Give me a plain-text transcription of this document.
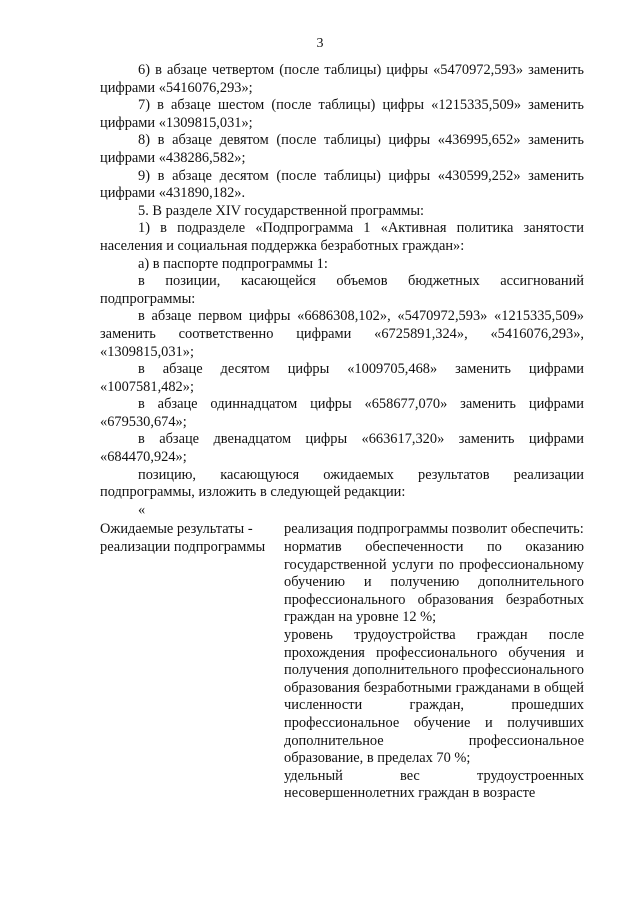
3

6) в абзаце четвертом (после таблицы) цифры «5470972,593» заменить цифрами «5416076,293»;

7) в абзаце шестом (после таблицы) цифры «1215335,509» заменить цифрами «1309815,031»;

8) в абзаце девятом (после таблицы) цифры «436995,652» заменить цифрами «438286,582»;

9) в абзаце десятом (после таблицы) цифры «430599,252» заменить цифрами «431890,182».

5. В разделе XIV государственной программы:

1) в подразделе «Подпрограмма 1 «Активная политика занятости населения и социальная поддержка безработных граждан»:

а) в паспорте подпрограммы 1:

в позиции, касающейся объемов бюджетных ассигнований подпрограммы:

в абзаце первом цифры «6686308,102», «5470972,593» «1215335,509» заменить соответственно цифрами «6725891,324», «5416076,293», «1309815,031»;

в абзаце десятом цифры «1009705,468» заменить цифрами «1007581,482»;

в абзаце одиннадцатом цифры «658677,070» заменить цифрами «679530,674»;

в абзаце двенадцатом цифры «663617,320» заменить цифрами «684470,924»;

позицию, касающуюся ожидаемых результатов реализации подпрограммы, изложить в следующей редакции:

«

Ожидаемые результаты - реализации подпрограммы

реализация подпрограммы позволит обеспечить:

норматив обеспеченности по оказанию государственной услуги по профессиональному обучению и получению дополнительного профессионального образования безработных граждан на уровне 12 %;

уровень трудоустройства граждан после прохождения профессионального обучения и получения дополнительного профессионального образования безработными гражданами в общей численности граждан, прошедших профессиональное обучение и получивших дополнительное профессиональное образование, в пределах 70 %;

удельный вес трудоустроенных несовершеннолетних граждан в возрасте
